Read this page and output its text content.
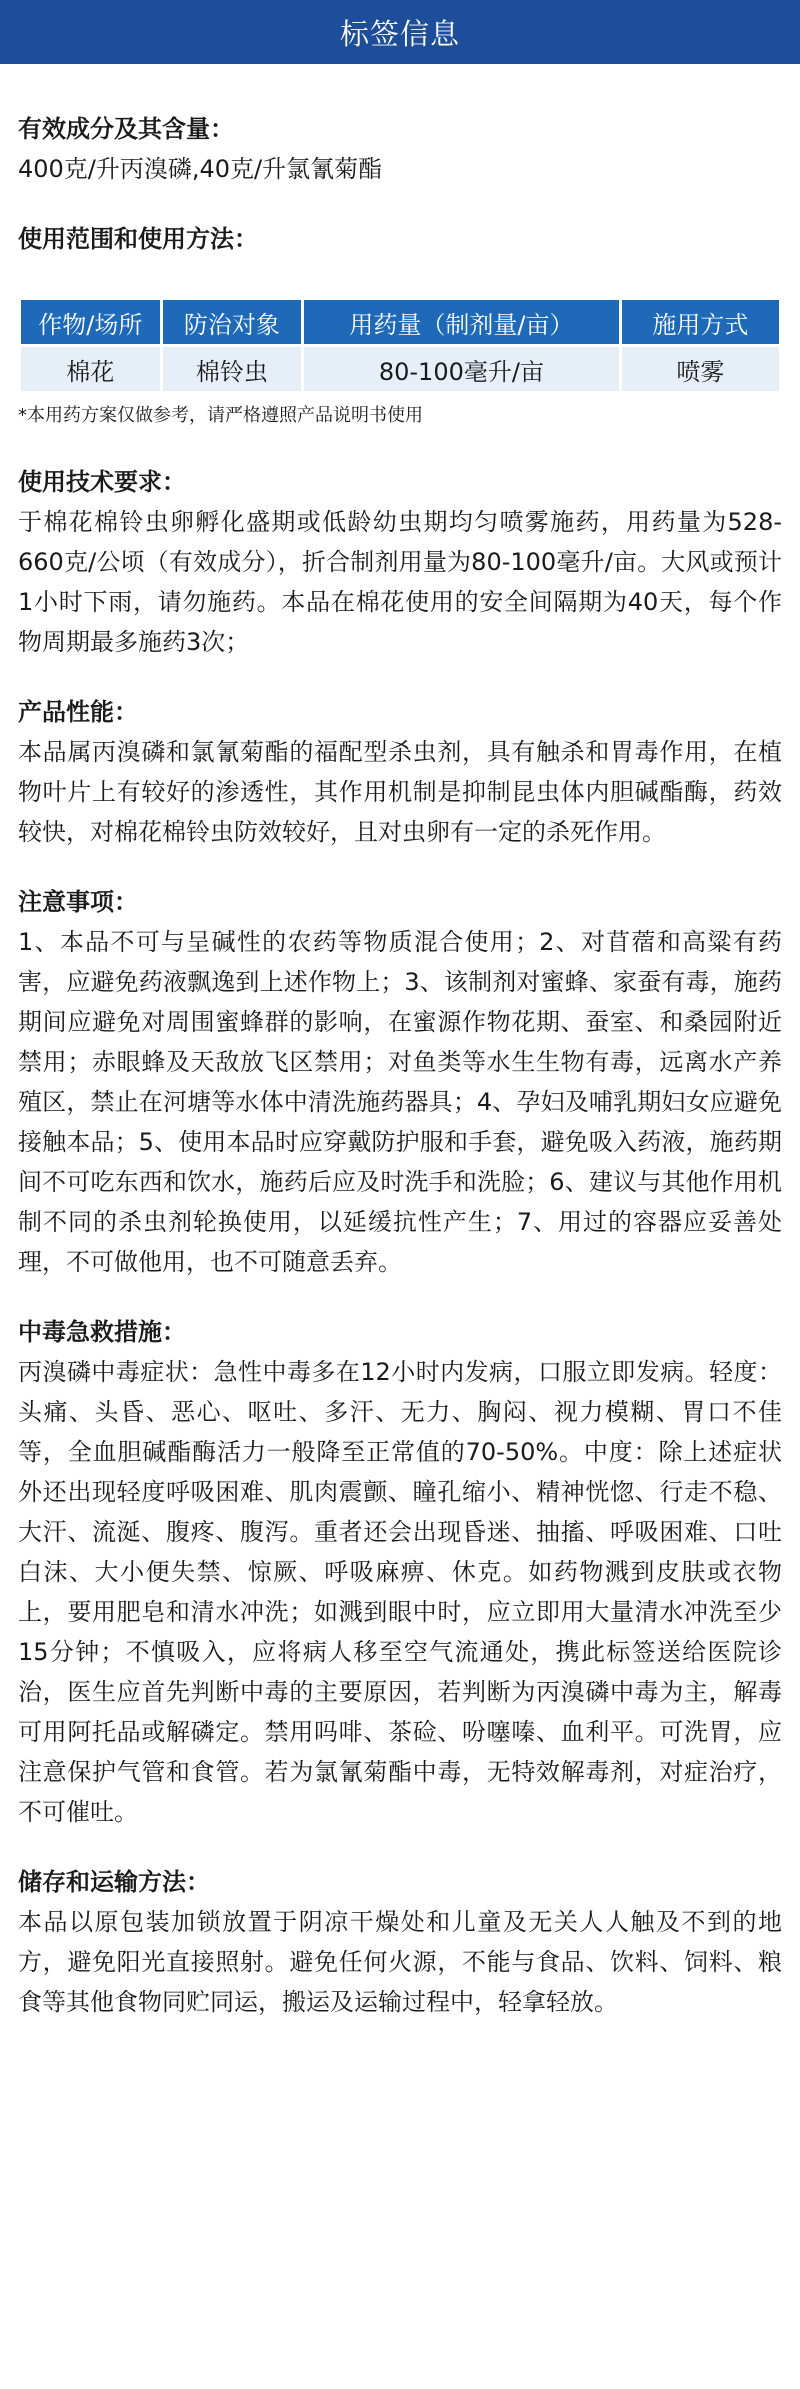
标签信息

有效成分及其含量：

400克/升丙溴磷,40克/升氯氰菊酯

使用范围和使用方法：

作物/场所	防治对象	用药量（制剂量/亩）	施用方式
棉花	棉铃虫	80-100毫升/亩	喷雾

*本用药方案仅做参考，请严格遵照产品说明书使用

使用技术要求：

于棉花棉铃虫卵孵化盛期或低龄幼虫期均匀喷雾施药，用药量为528-660克/公顷（有效成分），折合制剂用量为80-100毫升/亩。大风或预计1小时下雨，请勿施药。本品在棉花使用的安全间隔期为40天，每个作物周期最多施药3次；

产品性能：

本品属丙溴磷和氯氰菊酯的福配型杀虫剂，具有触杀和胃毒作用，在植物叶片上有较好的渗透性，其作用机制是抑制昆虫体内胆碱酯酶，药效较快，对棉花棉铃虫防效较好，且对虫卵有一定的杀死作用。

注意事项：

1、本品不可与呈碱性的农药等物质混合使用；2、对苜蓿和高粱有药害，应避免药液飘逸到上述作物上；3、该制剂对蜜蜂、家蚕有毒，施药期间应避免对周围蜜蜂群的影响，在蜜源作物花期、蚕室、和桑园附近禁用；赤眼蜂及天敌放飞区禁用；对鱼类等水生生物有毒，远离水产养殖区，禁止在河塘等水体中清洗施药器具；4、孕妇及哺乳期妇女应避免接触本品；5、使用本品时应穿戴防护服和手套，避免吸入药液，施药期间不可吃东西和饮水，施药后应及时洗手和洗脸；6、建议与其他作用机制不同的杀虫剂轮换使用，以延缓抗性产生；7、用过的容器应妥善处理，不可做他用，也不可随意丢弃。

中毒急救措施：

丙溴磷中毒症状：急性中毒多在12小时内发病，口服立即发病。轻度：头痛、头昏、恶心、呕吐、多汗、无力、胸闷、视力模糊、胃口不佳等，全血胆碱酯酶活力一般降至正常值的70-50%。中度：除上述症状外还出现轻度呼吸困难、肌肉震颤、瞳孔缩小、精神恍惚、行走不稳、大汗、流涎、腹疼、腹泻。重者还会出现昏迷、抽搐、呼吸困难、口吐白沫、大小便失禁、惊厥、呼吸麻痹、休克。如药物溅到皮肤或衣物上，要用肥皂和清水冲洗；如溅到眼中时，应立即用大量清水冲洗至少15分钟；不慎吸入，应将病人移至空气流通处，携此标签送给医院诊治，医生应首先判断中毒的主要原因，若判断为丙溴磷中毒为主，解毒可用阿托品或解磷定。禁用吗啡、茶硷、吩噻嗪、血利平。可洗胃，应注意保护气管和食管。若为氯氰菊酯中毒，无特效解毒剂，对症治疗，不可催吐。

储存和运输方法：

本品以原包装加锁放置于阴凉干燥处和儿童及无关人人触及不到的地方，避免阳光直接照射。避免任何火源，不能与食品、饮料、饲料、粮食等其他食物同贮同运，搬运及运输过程中，轻拿轻放。
